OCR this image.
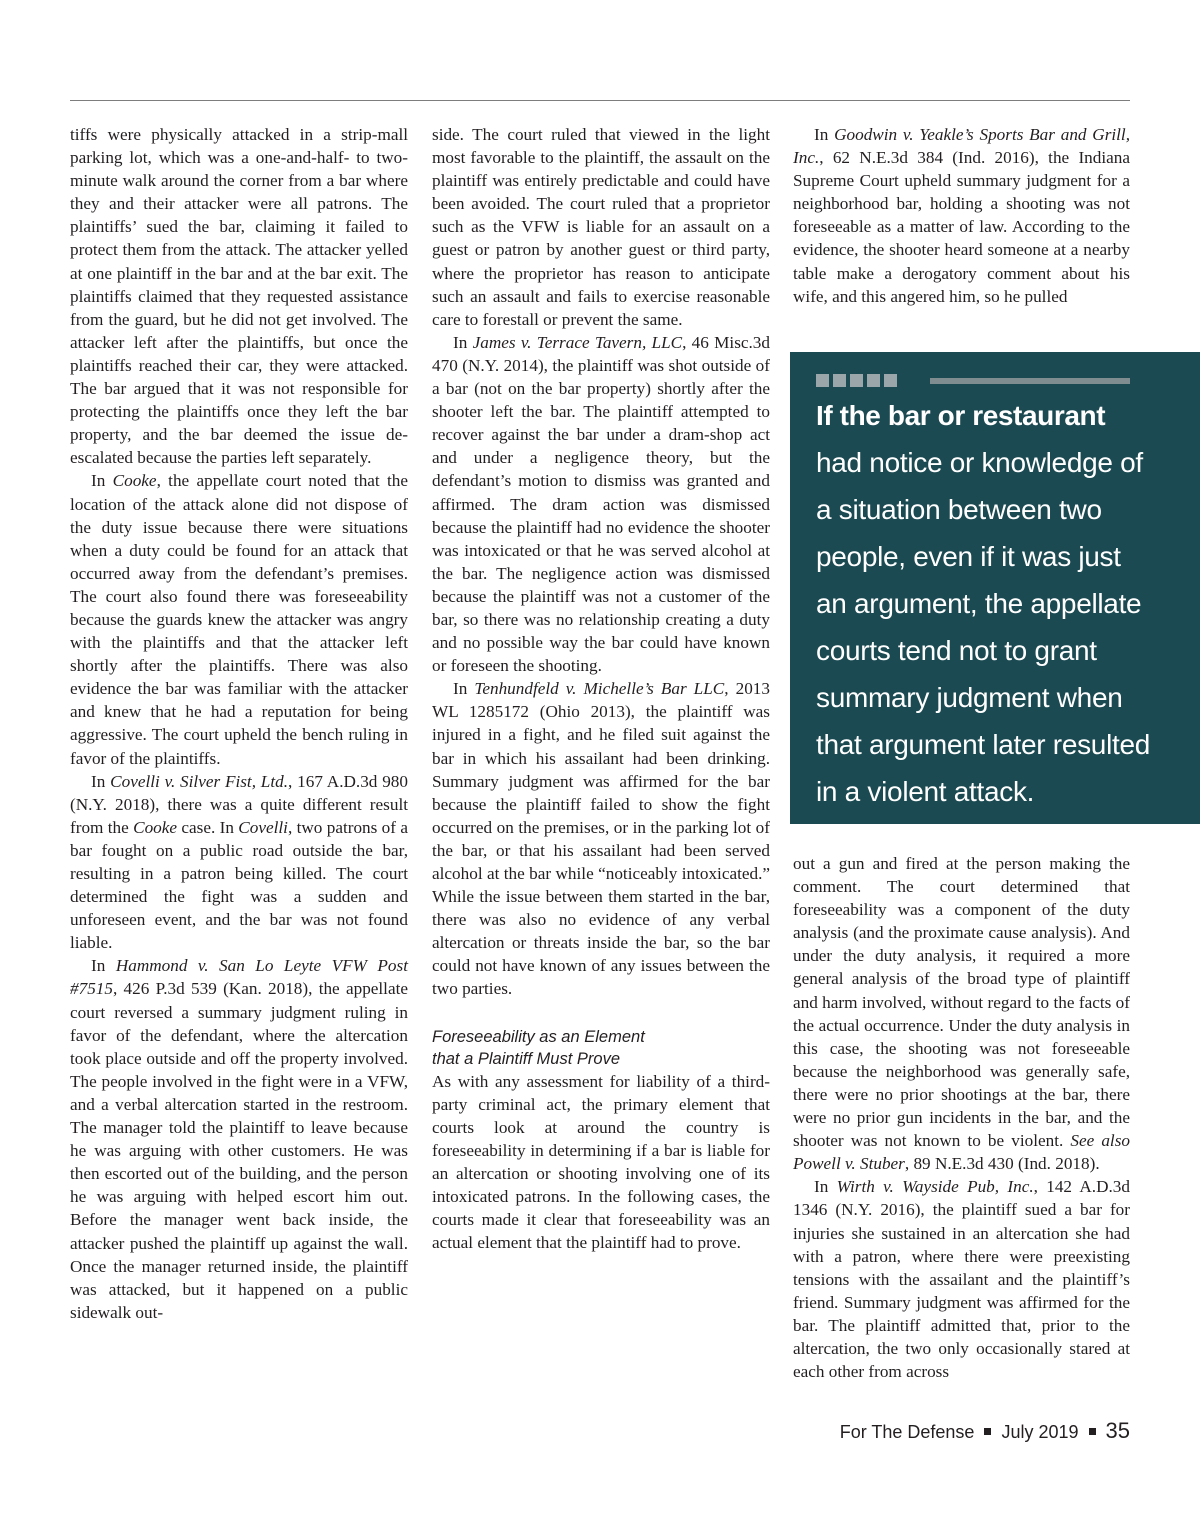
tiffs were physically attacked in a strip-mall parking lot, which was a one-and-half- to two-minute walk around the corner from a bar where they and their attacker were all patrons. The plaintiffs’ sued the bar, claiming it failed to protect them from the attack. The attacker yelled at one plaintiff in the bar and at the bar exit. The plaintiffs claimed that they requested assistance from the guard, but he did not get involved. The attacker left after the plaintiffs, but once the plaintiffs reached their car, they were attacked. The bar argued that it was not responsible for protecting the plaintiffs once they left the bar property, and the bar deemed the issue de-escalated because the parties left separately.

In Cooke, the appellate court noted that the location of the attack alone did not dispose of the duty issue because there were situations when a duty could be found for an attack that occurred away from the defendant’s premises. The court also found there was foreseeability because the guards knew the attacker was angry with the plaintiffs and that the attacker left shortly after the plaintiffs. There was also evidence the bar was familiar with the attacker and knew that he had a reputation for being aggressive. The court upheld the bench ruling in favor of the plaintiffs.

In Covelli v. Silver Fist, Ltd., 167 A.D.3d 980 (N.Y. 2018), there was a quite different result from the Cooke case. In Covelli, two patrons of a bar fought on a public road outside the bar, resulting in a patron being killed. The court determined the fight was a sudden and unforeseen event, and the bar was not found liable.

In Hammond v. San Lo Leyte VFW Post #7515, 426 P.3d 539 (Kan. 2018), the appellate court reversed a summary judgment ruling in favor of the defendant, where the altercation took place outside and off the property involved. The people involved in the fight were in a VFW, and a verbal altercation started in the restroom. The manager told the plaintiff to leave because he was arguing with other customers. He was then escorted out of the building, and the person he was arguing with helped escort him out. Before the manager went back inside, the attacker pushed the plaintiff up against the wall. Once the manager returned inside, the plaintiff was attacked, but it happened on a public sidewalk out-

side. The court ruled that viewed in the light most favorable to the plaintiff, the assault on the plaintiff was entirely predictable and could have been avoided. The court ruled that a proprietor such as the VFW is liable for an assault on a guest or patron by another guest or third party, where the proprietor has reason to anticipate such an assault and fails to exercise reasonable care to forestall or prevent the same.

In James v. Terrace Tavern, LLC, 46 Misc.3d 470 (N.Y. 2014), the plaintiff was shot outside of a bar (not on the bar property) shortly after the shooter left the bar. The plaintiff attempted to recover against the bar under a dram-shop act and under a negligence theory, but the defendant’s motion to dismiss was granted and affirmed. The dram action was dismissed because the plaintiff had no evidence the shooter was intoxicated or that he was served alcohol at the bar. The negligence action was dismissed because the plaintiff was not a customer of the bar, so there was no relationship creating a duty and no possible way the bar could have known or foreseen the shooting.

In Tenhundfeld v. Michelle’s Bar LLC, 2013 WL 1285172 (Ohio 2013), the plaintiff was injured in a fight, and he filed suit against the bar in which his assailant had been drinking. Summary judgment was affirmed for the bar because the plaintiff failed to show the fight occurred on the premises, or in the parking lot of the bar, or that his assailant had been served alcohol at the bar while “noticeably intoxicated.” While the issue between them started in the bar, there was also no evidence of any verbal altercation or threats inside the bar, so the bar could not have known of any issues between the two parties.

Foreseeability as an Element
that a Plaintiff Must Prove

As with any assessment for liability of a third-party criminal act, the primary element that courts look at around the country is foreseeability in determining if a bar is liable for an altercation or shooting involving one of its intoxicated patrons. In the following cases, the courts made it clear that foreseeability was an actual element that the plaintiff had to prove.

In Goodwin v. Yeakle’s Sports Bar and Grill, Inc., 62 N.E.3d 384 (Ind. 2016), the Indiana Supreme Court upheld summary judgment for a neighborhood bar, holding a shooting was not foreseeable as a matter of law. According to the evidence, the shooter heard someone at a nearby table make a derogatory comment about his wife, and this angered him, so he pulled

If the bar or restaurant
had notice or knowledge of a situation between two people, even if it was just an argument, the appellate courts tend not to grant summary judgment when that argument later resulted in a violent attack.

out a gun and fired at the person making the comment. The court determined that foreseeability was a component of the duty analysis (and the proximate cause analysis). And under the duty analysis, it required a more general analysis of the broad type of plaintiff and harm involved, without regard to the facts of the actual occurrence. Under the duty analysis in this case, the shooting was not foreseeable because the neighborhood was generally safe, there were no prior shootings at the bar, there were no prior gun incidents in the bar, and the shooter was not known to be violent. See also Powell v. Stuber, 89 N.E.3d 430 (Ind. 2018).

In Wirth v. Wayside Pub, Inc., 142 A.D.3d 1346 (N.Y. 2016), the plaintiff sued a bar for injuries she sustained in an altercation she had with a patron, where there were preexisting tensions with the assailant and the plaintiff’s friend. Summary judgment was affirmed for the bar. The plaintiff admitted that, prior to the altercation, the two only occasionally stared at each other from across

For The Defense July 2019 35
